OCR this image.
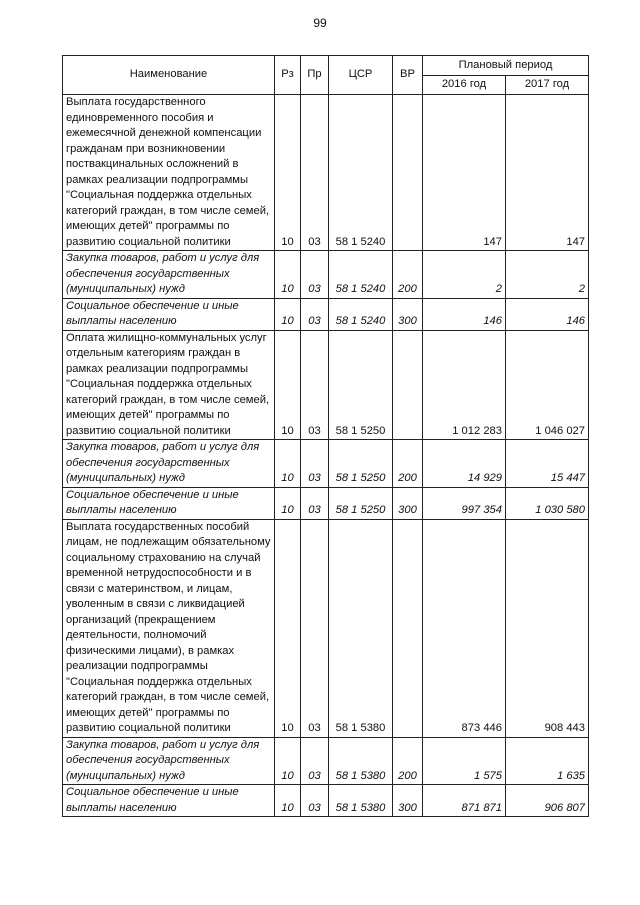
99
Наименование	Рз	Пр	ЦСР	ВР	Плановый период	
					2016 год	2017 год
Выплата государственного единовременного пособия и ежемесячной денежной компенсации гражданам при возникновении поствакцинальных осложнений в рамках реализации подпрограммы "Социальная поддержка отдельных категорий граждан, в том числе семей, имеющих детей" программы по развитию социальной политики	10	03	58 1 5240		147	147
Закупка товаров, работ и услуг для обеспечения государственных (муниципальных) нужд	10	03	58 1 5240	200	2	2
Социальное обеспечение и иные выплаты населению	10	03	58 1 5240	300	146	146
Оплата жилищно-коммунальных услуг отдельным категориям граждан в рамках реализации подпрограммы "Социальная поддержка отдельных категорий граждан, в том числе семей, имеющих детей" программы по развитию социальной политики	10	03	58 1 5250		1 012 283	1 046 027
Закупка товаров, работ и услуг для обеспечения государственных (муниципальных) нужд	10	03	58 1 5250	200	14 929	15 447
Социальное обеспечение и иные выплаты населению	10	03	58 1 5250	300	997 354	1 030 580
Выплата государственных пособий лицам, не подлежащим обязательному социальному страхованию на случай временной нетрудоспособности и в связи с материнством, и лицам, уволенным в связи с ликвидацией организаций (прекращением деятельности, полномочий физическими лицами), в рамках реализации подпрограммы "Социальная поддержка отдельных категорий граждан, в том числе семей, имеющих детей" программы по развитию социальной политики	10	03	58 1 5380		873 446	908 443
Закупка товаров, работ и услуг для обеспечения государственных (муниципальных) нужд	10	03	58 1 5380	200	1 575	1 635
Социальное обеспечение и иные выплаты населению	10	03	58 1 5380	300	871 871	906 807
